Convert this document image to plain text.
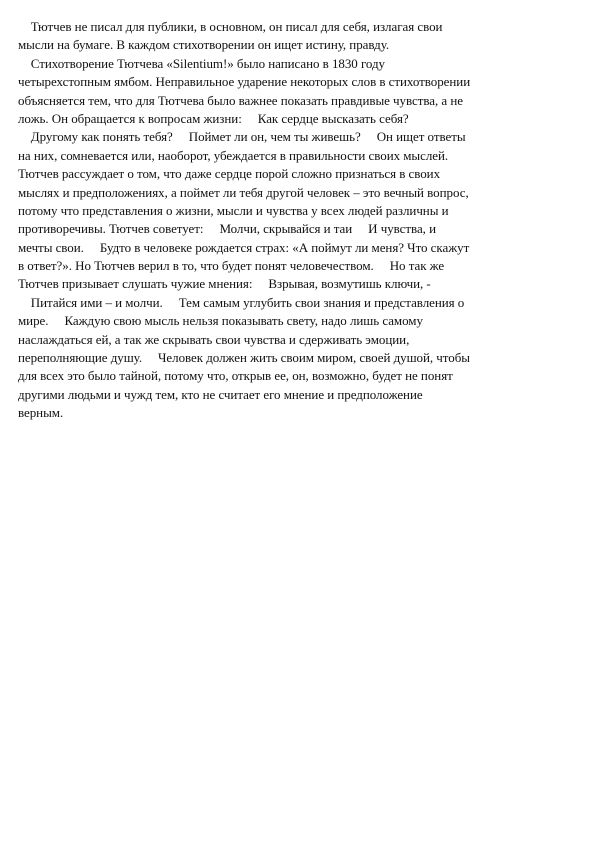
Тютчев не писал для публики, в основном, он писал для себя, излагая свои
мысли на бумаге. В каждом стихотворении он ищет истину, правду.
Стихотворение Тютчева «Silentium!» было написано в 1830 году
четырехстопным ямбом. Неправильное ударение некоторых слов в стихотворении
объясняется тем, что для Тютчева было важнее показать правдивые чувства, а не
ложь. Он обращается к вопросам жизни:     Как сердце высказать себя?
Другому как понять тебя?     Поймет ли он, чем ты живешь?     Он ищет ответы
на них, сомневается или, наоборот, убеждается в правильности своих мыслей.
Тютчев рассуждает о том, что даже сердце порой сложно признаться в своих
мыслях и предположениях, а поймет ли тебя другой человек – это вечный вопрос,
потому что представления о жизни, мысли и чувства у всех людей различны и
противоречивы. Тютчев советует:     Молчи, скрывайся и таи     И чувства, и
мечты свои.     Будто в человеке рождается страх: «А поймут ли меня? Что скажут
в ответ?». Но Тютчев верил в то, что будет понят человечеством.     Но так же
Тютчев призывает слушать чужие мнения:     Взрывая, возмутишь ключи, -
Питайся ими – и молчи.     Тем самым углубить свои знания и представления о
мире.     Каждую свою мысль нельзя показывать свету, надо лишь самому
наслаждаться ей, а так же скрывать свои чувства и сдерживать эмоции,
переполняющие душу.     Человек должен жить своим миром, своей душой, чтобы
для всех это было тайной, потому что, открыв ее, он, возможно, будет не понят
другими людьми и чужд тем, кто не считает его мнение и предположение
верным.
